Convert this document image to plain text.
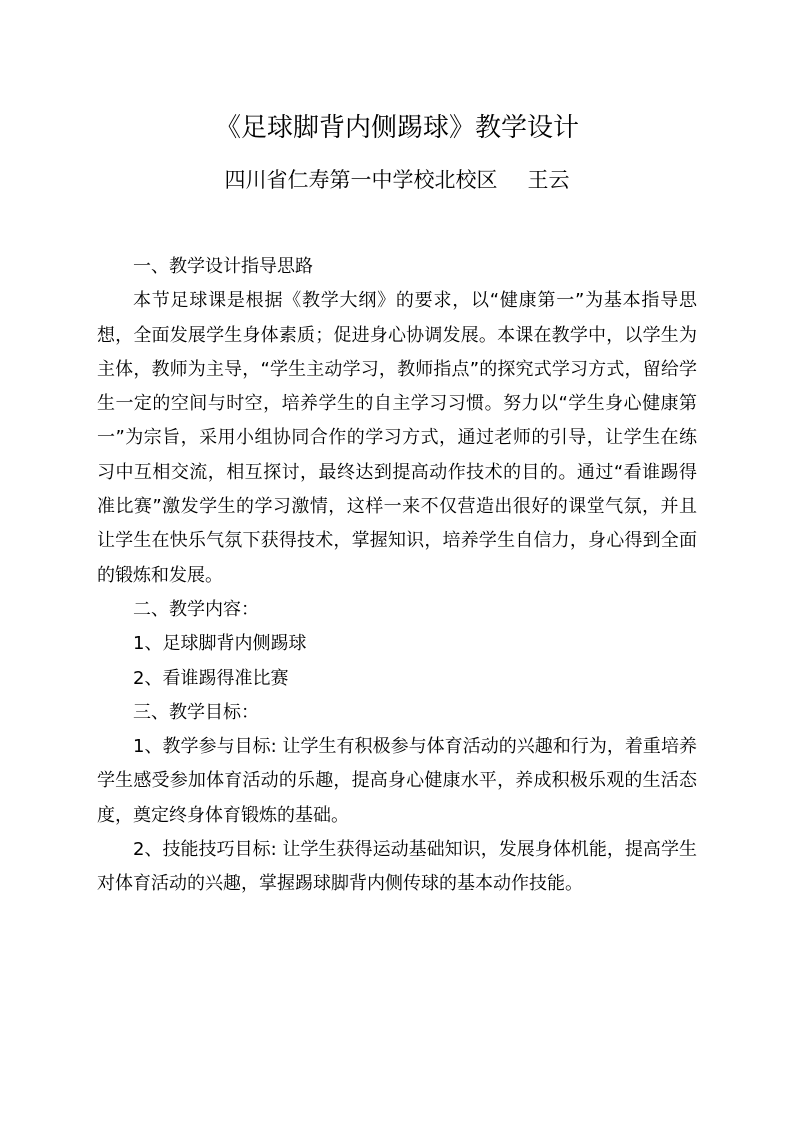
《足球脚背内侧踢球》教学设计
四川省仁寿第一中学校北校区 王云

一、教学设计指导思路

本节足球课是根据《教学大纲》的要求，以“健康第一”为基本指导思想，全面发展学生身体素质；促进身心协调发展。本课在教学中，以学生为主体，教师为主导，“学生主动学习，教师指点”的探究式学习方式，留给学生一定的空间与时空，培养学生的自主学习习惯。努力以“学生身心健康第一”为宗旨，采用小组协同合作的学习方式，通过老师的引导，让学生在练习中互相交流，相互探讨，最终达到提高动作技术的目的。通过“看谁踢得准比赛”激发学生的学习激情，这样一来不仅营造出很好的课堂气氛，并且让学生在快乐气氛下获得技术，掌握知识，培养学生自信力，身心得到全面的锻炼和发展。

二、教学内容：

1、足球脚背内侧踢球

2、看谁踢得准比赛

三、教学目标：

1、教学参与目标: 让学生有积极参与体育活动的兴趣和行为，着重培养学生感受参加体育活动的乐趣，提高身心健康水平，养成积极乐观的生活态度，奠定终身体育锻炼的基础。

2、技能技巧目标: 让学生获得运动基础知识，发展身体机能，提高学生对体育活动的兴趣，掌握踢球脚背内侧传球的基本动作技能。
